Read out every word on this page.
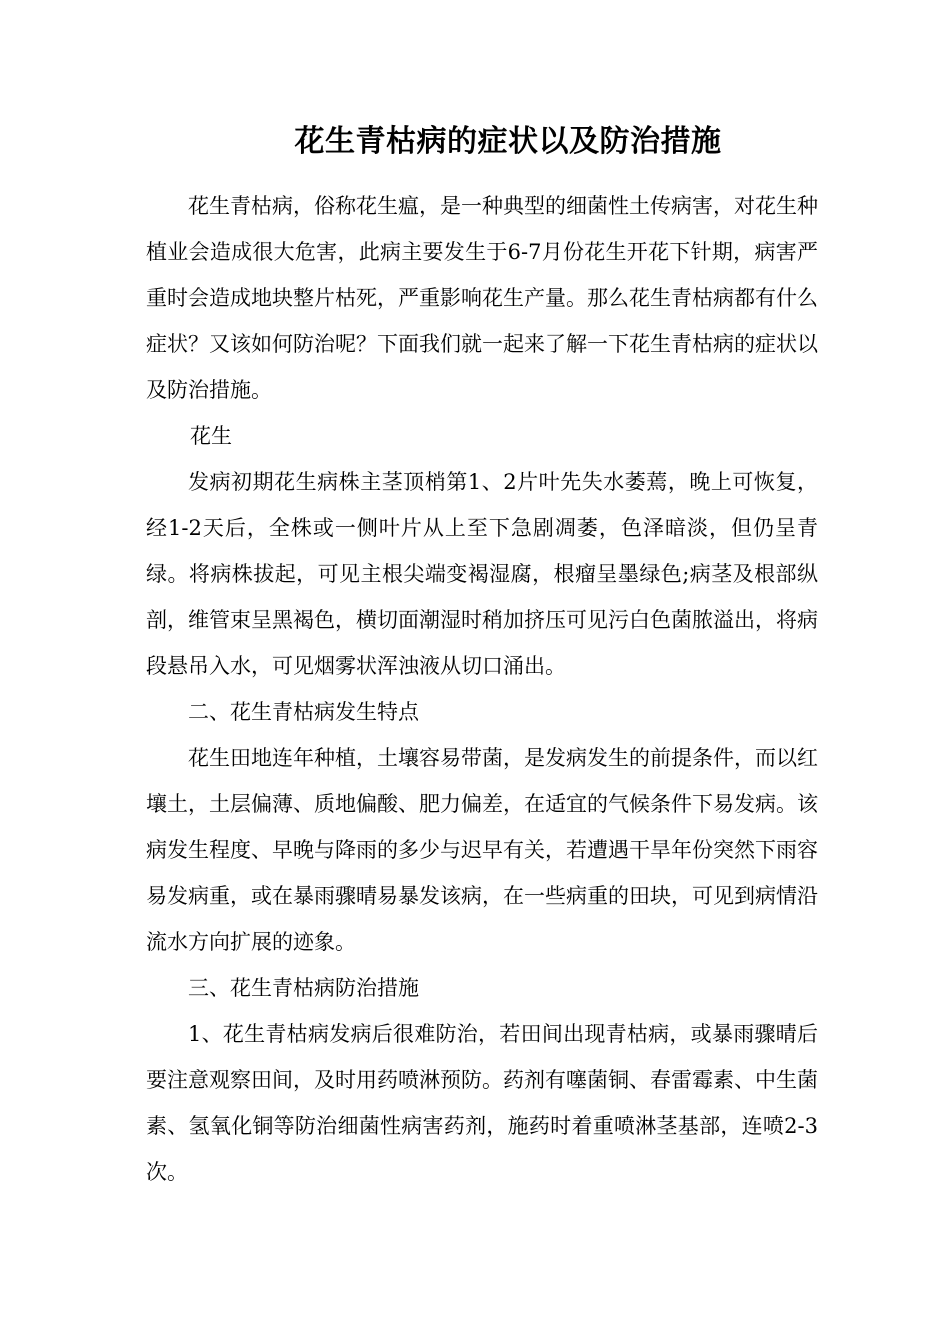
花生青枯病的症状以及防治措施

花生青枯病，俗称花生瘟，是一种典型的细菌性土传病害，对花生种植业会造成很大危害，此病主要发生于6-7月份花生开花下针期，病害严重时会造成地块整片枯死，严重影响花生产量。那么花生青枯病都有什么症状？又该如何防治呢？下面我们就一起来了解一下花生青枯病的症状以及防治措施。

花生

发病初期花生病株主茎顶梢第1、2片叶先失水萎蔫，晚上可恢复，经1-2天后，全株或一侧叶片从上至下急剧凋萎，色泽暗淡，但仍呈青绿。将病株拔起，可见主根尖端变褐湿腐，根瘤呈墨绿色;病茎及根部纵剖，维管束呈黑褐色，横切面潮湿时稍加挤压可见污白色菌脓溢出，将病段悬吊入水，可见烟雾状浑浊液从切口涌出。

二、花生青枯病发生特点

花生田地连年种植，土壤容易带菌，是发病发生的前提条件，而以红壤土，土层偏薄、质地偏酸、肥力偏差，在适宜的气候条件下易发病。该病发生程度、早晚与降雨的多少与迟早有关，若遭遇干旱年份突然下雨容易发病重，或在暴雨骤晴易暴发该病，在一些病重的田块，可见到病情沿流水方向扩展的迹象。

三、花生青枯病防治措施

1、花生青枯病发病后很难防治，若田间出现青枯病，或暴雨骤晴后要注意观察田间，及时用药喷淋预防。药剂有噻菌铜、春雷霉素、中生菌素、氢氧化铜等防治细菌性病害药剂，施药时着重喷淋茎基部，连喷2-3次。
